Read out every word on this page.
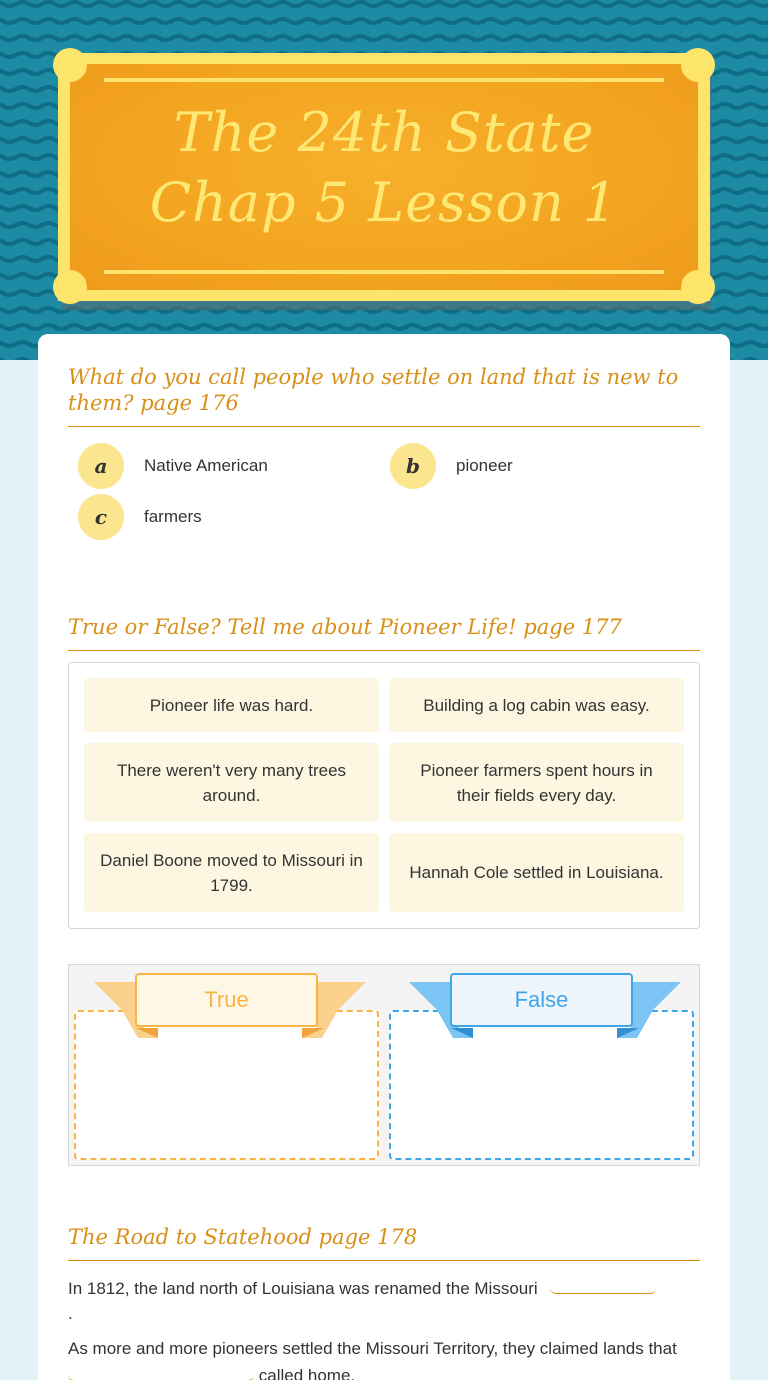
The 24th State
Chap 5 Lesson 1
What do you call people who settle on land that is new to them? page 176
a	Native American	b	pioneer
c	farmers
True or False? Tell me about Pioneer Life! page 177
Pioneer life was hard.	Building a log cabin was easy.
There weren't very many trees around.
Pioneer farmers spent hours in their fields every day.
Daniel Boone moved to Missouri in 1799.
Hannah Cole settled in Louisiana.
True	False
The Road to Statehood page 178
In 1812, the land north of Louisiana was renamed the Missouri
.
As more and more pioneers settled the Missouri Territory, they claimed lands that  called home.
